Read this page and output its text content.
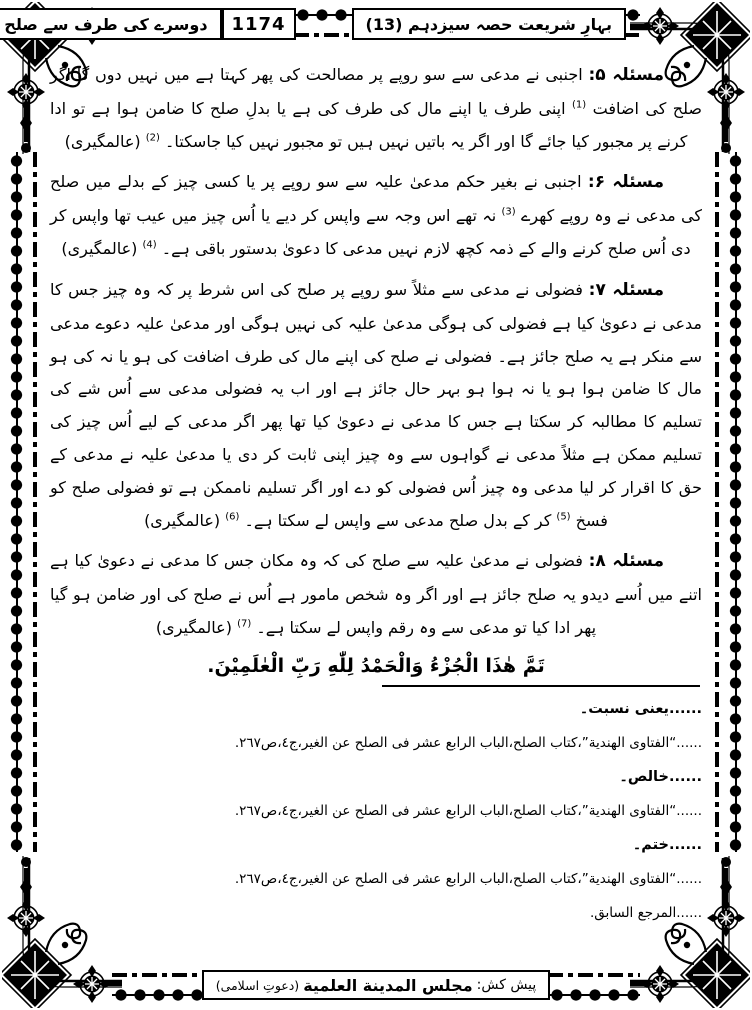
بہارِ شریعت حصہ سیزدہم (13)
1174
دوسرے کی طرف سے صلح

مسئلہ ۵: اجنبی نے مدعی سے سو روپے پر مصالحت کی پھر کہتا ہے میں نہیں دوں گا اگر صلح کی اضافت $^{(1)}$ اپنی طرف یا اپنے مال کی طرف کی ہے یا بدلِ صلح کا ضامن ہوا ہے تو ادا کرنے پر مجبور کیا جائے گا اور اگر یہ باتیں نہیں ہیں تو مجبور نہیں کیا جاسکتا۔ $^{(2)}$ (عالمگیری)

مسئلہ ۶: اجنبی نے بغیر حکم مدعیٰ علیہ سے سو روپے پر یا کسی چیز کے بدلے میں صلح کی مدعی نے وہ روپے کھرے $^{(3)}$ نہ تھے اس وجہ سے واپس کر دیے یا اُس چیز میں عیب تھا واپس کر دی اُس صلح کرنے والے کے ذمہ کچھ لازم نہیں مدعی کا دعویٰ بدستور باقی ہے۔ $^{(4)}$ (عالمگیری)

مسئلہ ۷: فضولی نے مدعی سے مثلاً سو روپے پر صلح کی اس شرط پر کہ وہ چیز جس کا مدعی نے دعویٰ کیا ہے فضولی کی ہوگی مدعیٰ علیہ کی نہیں ہوگی اور مدعیٰ علیہ دعوے مدعی سے منکر ہے یہ صلح جائز ہے۔ فضولی نے صلح کی اپنے مال کی طرف اضافت کی ہو یا نہ کی ہو مال کا ضامن ہوا ہو یا نہ ہوا ہو بہر حال جائز ہے اور اب یہ فضولی مدعی سے اُس شے کی تسلیم کا مطالبہ کر سکتا ہے جس کا مدعی نے دعویٰ کیا تھا پھر اگر مدعی کے لیے اُس چیز کی تسلیم ممکن ہے مثلاً مدعی نے گواہوں سے وہ چیز اپنی ثابت کر دی یا مدعیٰ علیہ نے مدعی کے حق کا اقرار کر لیا مدعی وہ چیز اُس فضولی کو دے اور اگر تسلیم ناممکن ہے تو فضولی صلح کو فسخ $^{(5)}$ کر کے بدل صلح مدعی سے واپس لے سکتا ہے۔ $^{(6)}$ (عالمگیری)

مسئلہ ۸: فضولی نے مدعیٰ علیہ سے صلح کی کہ وہ مکان جس کا مدعی نے دعویٰ کیا ہے اتنے میں اُسے دیدو یہ صلح جائز ہے اور اگر وہ شخص مامور ہے اُس نے صلح کی اور ضامن ہو گیا پھر ادا کیا تو مدعی سے وہ رقم واپس لے سکتا ہے۔ $^{(7)}$ (عالمگیری)

تَمَّ هٰذَا الْجُزْءُ وَالْحَمْدُ لِلّٰهِ رَبِّ الْعٰلَمِيْنَ.
......یعنی نسبت۔
......“الفتاوى الهندية”،كتاب الصلح،الباب الرابع عشر فى الصلح عن الغير،ج٤،ص٢٦٧.
......خالص۔
......“الفتاوى الهندية”،كتاب الصلح،الباب الرابع عشر فى الصلح عن الغير،ج٤،ص٢٦٧.
......ختم۔
......“الفتاوى الهندية”،كتاب الصلح،الباب الرابع عشر فى الصلح عن الغير،ج٤،ص٢٦٧.
......المرجع السابق.
پیش کش:
مجلس المدینة العلمیة
(دعوتِ اسلامی)
